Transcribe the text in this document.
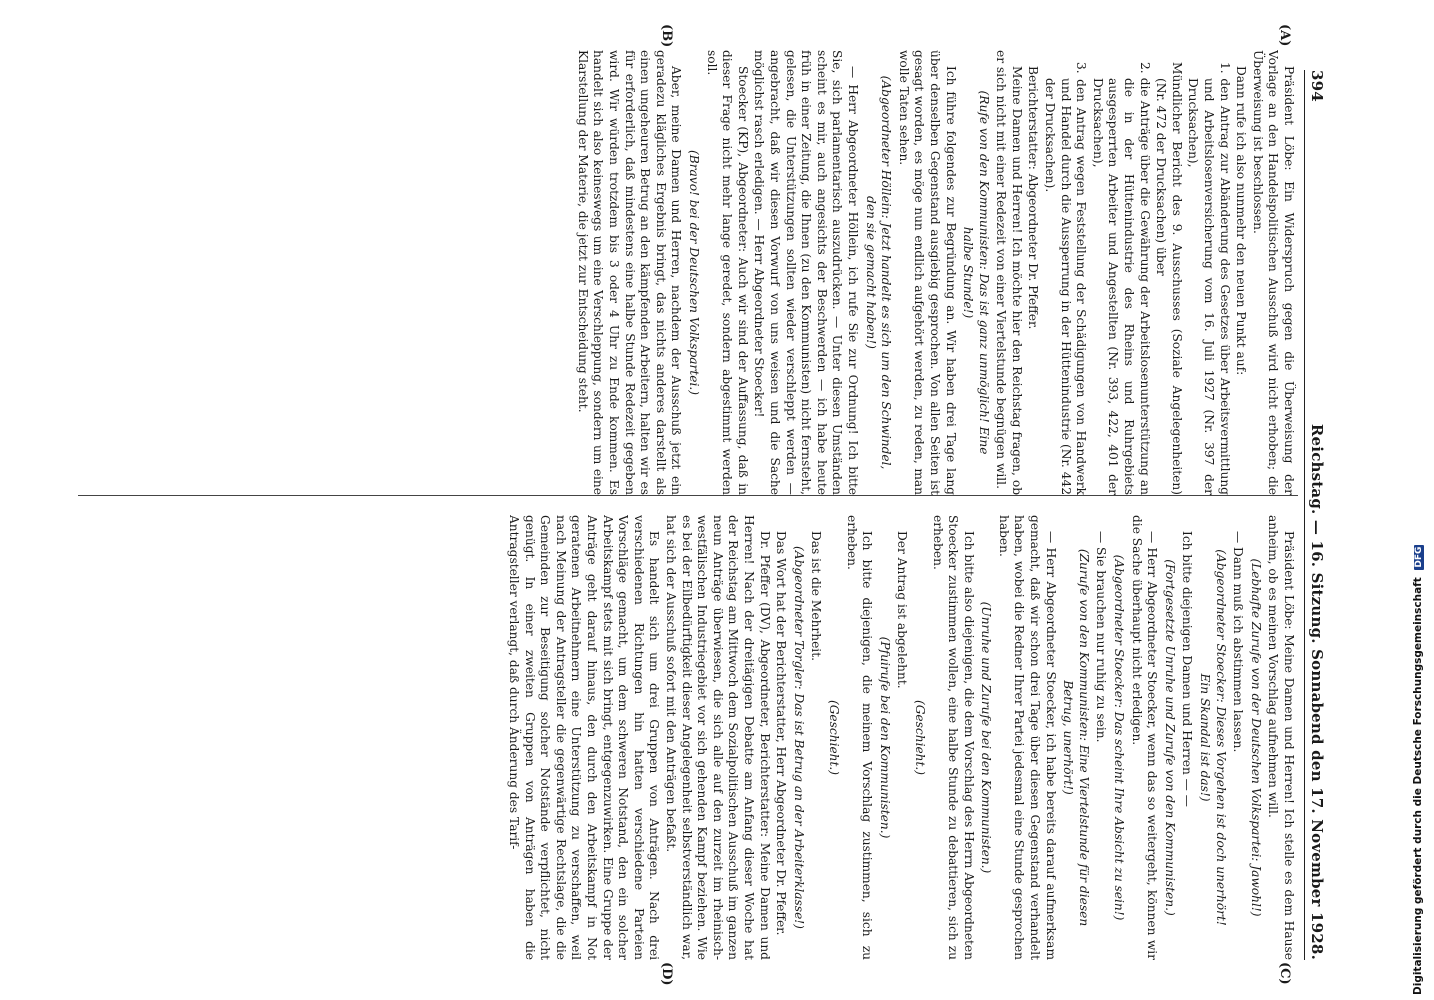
394
Reichstag. — 16. Sitzung. Sonnabend den 17. November 1928.
(A)
(B)
(C)
(D)

Präsident Löbe: Ein Widerspruch gegen die Überweisung der Vorlage an den Handelspolitischen Ausschuß wird nicht erhoben; die Überweisung ist beschlossen.

Dann rufe ich also nunmehr den neuen Punkt auf:

1. den Antrag zur Abänderung des Gesetzes über Arbeitsvermittlung und Arbeitslosenversicherung vom 16. Juli 1927 (Nr. 397 der Drucksachen),

Mündlicher Bericht des 9. Ausschusses (Soziale Angelegenheiten) (Nr. 472 der Drucksachen) über

2. die Anträge über die Gewährung der Arbeitslosenunterstützung an die in der Hüttenindustrie des Rheins und Ruhrgebiets ausgesperrten Arbeiter und Angestellten (Nr. 393, 422, 401 der Drucksachen),

3. den Antrag wegen Feststellung der Schädigungen von Handwerk und Handel durch die Aussperrung in der Hüttenindustrie (Nr. 442 der Drucksachen).

Berichterstatter: Abgeordneter Dr. Pfeffer.

Meine Damen und Herren! Ich möchte hier den Reichstag fragen, ob er sich nicht mit einer Redezeit von einer Viertelstunde begnügen will.

(Rufe von den Kommunisten: Das ist ganz unmöglich! Eine halbe Stunde!)

Ich führe folgendes zur Begründung an. Wir haben drei Tage lang über denselben Gegenstand ausgiebig gesprochen. Von allen Seiten ist gesagt worden, es möge nun endlich aufgehört werden, zu reden, man wolle Taten sehen.

(Abgeordneter Höllein: Jetzt handelt es sich um den Schwindel, den sie gemacht haben!)

— Herr Abgeordneter Höllein, ich rufe Sie zur Ordnung! Ich bitte Sie, sich parlamentarisch auszudrücken. — Unter diesen Umständen scheint es mir, auch angesichts der Beschwerden — ich habe heute früh in einer Zeitung, die Ihnen (zu den Kommunisten) nicht fernsteht, gelesen, die Unterstützungen sollten wieder verschleppt werden — angebracht, daß wir diesen Vorwurf von uns weisen und die Sache möglichst rasch erledigen. — Herr Abgeordneter Stoecker!

Stoecker (KP), Abgeordneter: Auch wir sind der Auffassung, daß in dieser Frage nicht mehr lange geredet, sondern abgestimmt werden soll.

(Bravo! bei der Deutschen Volkspartei.)

Aber, meine Damen und Herren, nachdem der Ausschuß jetzt ein geradezu klägliches Ergebnis bringt, das nichts anderes darstellt als einen ungeheuren Betrug an den kämpfenden Arbeitern, halten wir es für erforderlich, daß mindestens eine halbe Stunde Redezeit gegeben wird. Wir würden trotzdem bis 3 oder 4 Uhr zu Ende kommen. Es handelt sich also keineswegs um eine Verschleppung, sondern um eine Klarstellung der Materie, die jetzt zur Entscheidung steht.

Präsident Löbe: Meine Damen und Herren! Ich stelle es dem Hause anheim, ob es meinen Vorschlag aufnehmen will.

(Lebhafte Zurufe von der Deutschen Volkspartei: Jawohl!)

— Dann muß ich abstimmen lassen.

(Abgeordneter Stoecker: Dieses Vorgehen ist doch unerhört! Ein Skandal ist das!)

Ich bitte diejenigen Damen und Herren — —

(Fortgesetzte Unruhe und Zurufe von den Kommunisten.)

— Herr Abgeordneter Stoecker, wenn das so weitergeht, können wir die Sache überhaupt nicht erledigen.

(Abgeordneter Stoecker: Das scheint Ihre Absicht zu sein!)

— Sie brauchen nur ruhig zu sein.

(Zurufe von den Kommunisten: Eine Viertelstunde für diesen Betrug, unerhört!)

— Herr Abgeordneter Stoecker, ich habe bereits darauf aufmerksam gemacht, daß wir schon drei Tage über diesen Gegenstand verhandelt haben, wobei die Redner Ihrer Partei jedesmal eine Stunde gesprochen haben.

(Unruhe und Zurufe bei den Kommunisten.)

Ich bitte also diejenigen, die dem Vorschlag des Herrn Abgeordneten Stoecker zustimmen wollen, eine halbe Stunde zu debattieren, sich zu erheben.

(Geschieht.)

Der Antrag ist abgelehnt.

(Pfuirufe bei den Kommunisten.)

Ich bitte diejenigen, die meinem Vorschlag zustimmen, sich zu erheben.

(Geschieht.)

Das ist die Mehrheit.

(Abgeordneter Torgler: Das ist Betrug an der Arbeiterklasse!)

Das Wort hat der Berichterstatter, Herr Abgeordneter Dr. Pfeffer.

Dr. Pfeffer (DV), Abgeordneter, Berichterstatter: Meine Damen und Herren! Nach der dreitägigen Debatte am Anfang dieser Woche hat der Reichstag am Mittwoch dem Sozialpolitischen Ausschuß im ganzen neun Anträge überwiesen, die sich alle auf den zurzeit im rheinisch-westfälischen Industriegebiet vor sich gehenden Kampf beziehen. Wie es bei der Eilbedürftigkeit dieser Angelegenheit selbstverständlich war, hat sich der Ausschuß sofort mit den Anträgen befaßt.

Es handelt sich um drei Gruppen von Anträgen. Nach drei verschiedenen Richtungen hin hatten verschiedene Parteien Vorschläge gemacht, um dem schweren Notstand, den ein solcher Arbeitskampf stets mit sich bringt, entgegenzuwirken. Eine Gruppe der Anträge geht darauf hinaus, den durch den Arbeitskampf in Not geratenen Arbeitnehmern eine Unterstützung zu verschaffen, weil nach Meinung der Antragsteller die gegenwärtige Rechtslage, die die Gemeinden zur Beseitigung solcher Notstände verpflichtet, nicht genügt. In einer zweiten Gruppen von Anträgen haben die Antragsteller verlangt, daß durch Änderung des Tarif-	Digitalisierung gefördert durch die Deutsche Forschungsgemeinschaft DFG
